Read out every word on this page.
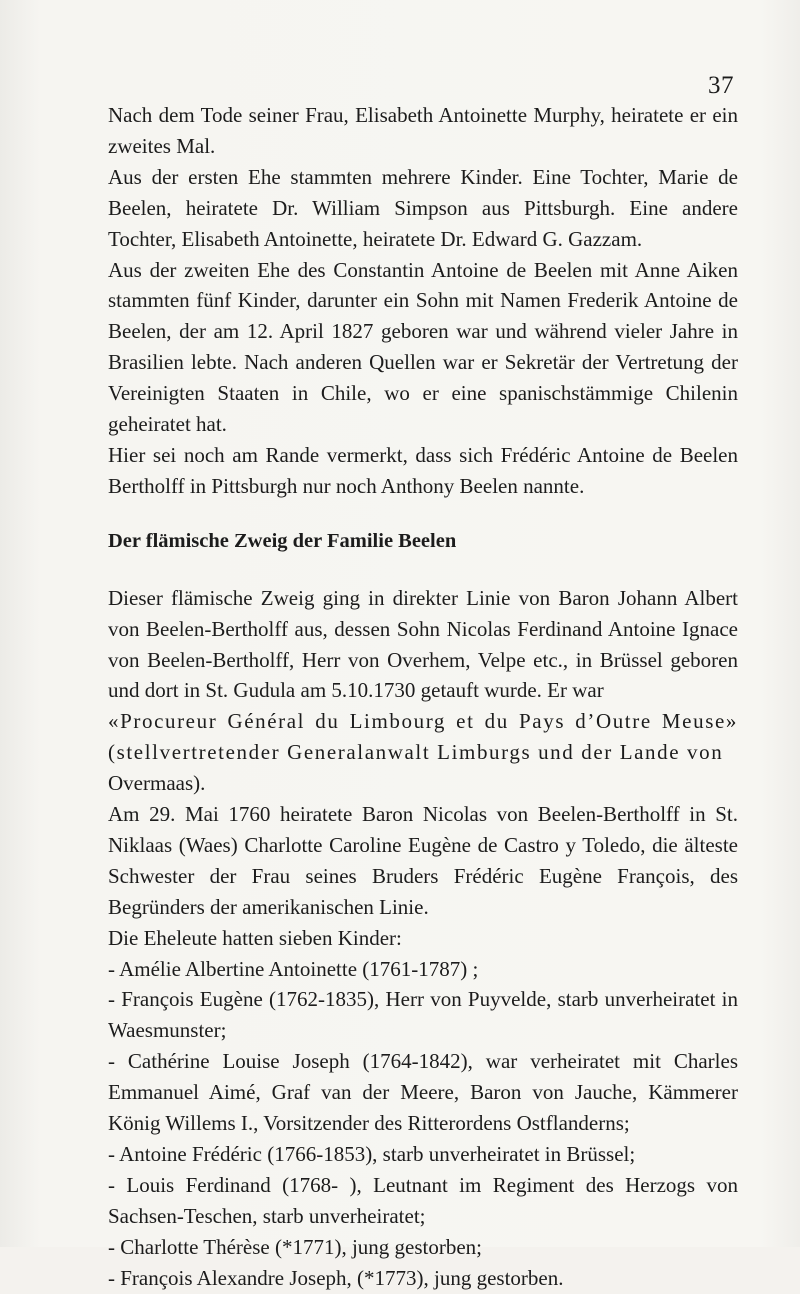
37

Nach dem Tode seiner Frau, Elisabeth Antoinette Murphy, heiratete er ein zweites Mal.

Aus der ersten Ehe stammten mehrere Kinder. Eine Tochter, Marie de Beelen, heiratete Dr. William Simpson aus Pittsburgh. Eine andere Tochter, Elisabeth Antoinette, heiratete Dr. Edward G. Gazzam.

Aus der zweiten Ehe des Constantin Antoine de Beelen mit Anne Aiken stammten fünf Kinder, darunter ein Sohn mit Namen Frederik Antoine de Beelen, der am 12. April 1827 geboren war und während vieler Jahre in Brasilien lebte. Nach anderen Quellen war er Sekretär der Vertretung der Vereinigten Staaten in Chile, wo er eine spanischstämmige Chilenin geheiratet hat.

Hier sei noch am Rande vermerkt, dass sich Frédéric Antoine de Beelen Bertholff in Pittsburgh nur noch Anthony Beelen nannte.

Der flämische Zweig der Familie Beelen

Dieser flämische Zweig ging in direkter Linie von Baron Johann Albert von Beelen-Bertholff aus, dessen Sohn Nicolas Ferdinand Antoine Ignace von Beelen-Bertholff, Herr von Overhem, Velpe etc., in Brüssel geboren und dort in St. Gudula am 5.10.1730 getauft wurde. Er war

«Procureur Général du Limbourg et du Pays d’Outre Meuse» (stellvertretender Generalanwalt Limburgs und der Lande von

Overmaas).

Am 29. Mai 1760 heiratete Baron Nicolas von Beelen-Bertholff in St. Niklaas (Waes) Charlotte Caroline Eugène de Castro y Toledo, die älteste Schwester der Frau seines Bruders Frédéric Eugène François, des Begründers der amerikanischen Linie.

Die Eheleute hatten sieben Kinder:

- Amélie Albertine Antoinette (1761-1787) ;

- François Eugène (1762-1835), Herr von Puyvelde, starb unverheiratet in Waesmunster;

- Cathérine Louise Joseph (1764-1842), war verheiratet mit Charles Emmanuel Aimé, Graf van der Meere, Baron von Jauche, Kämmerer König Willems I., Vorsitzender des Ritterordens Ostflanderns;

- Antoine Frédéric (1766-1853), starb unverheiratet in Brüssel;

- Louis Ferdinand (1768- ), Leutnant im Regiment des Herzogs von Sachsen-Teschen, starb unverheiratet;

- Charlotte Thérèse (*1771), jung gestorben;

- François Alexandre Joseph, (*1773), jung gestorben.
